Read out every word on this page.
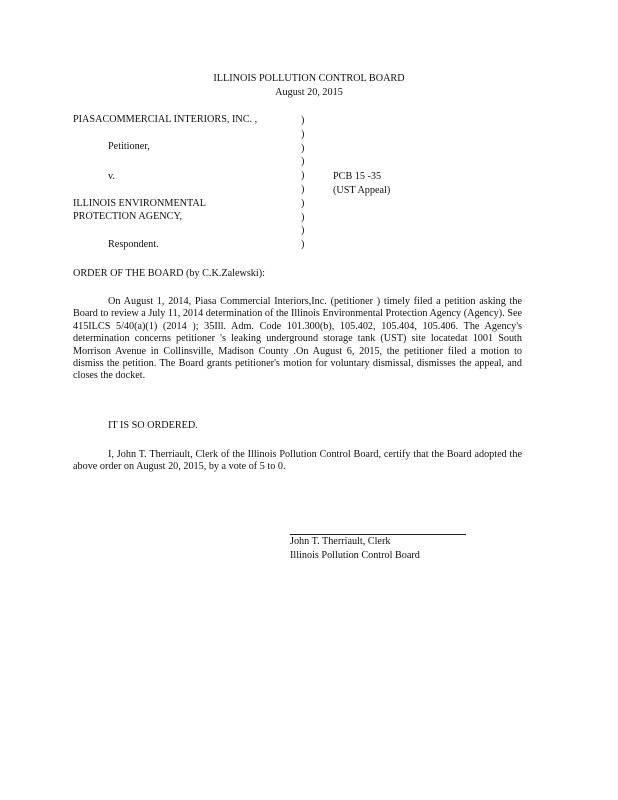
ILLINOIS POLLUTION CONTROL BOARD
August 20, 2015
PIASACOMMERCIAL INTERIORS, INC. ,
Petitioner,
v.
ILLINOIS ENVIRONMENTAL
PROTECTION AGENCY,
Respondent.
)
)
)
)
)
)
)
)
)
)
PCB 15 -35
(UST Appeal)
ORDER OF THE BOARD (by C.K.Zalewski):
On August 1, 2014, Piasa Commercial Interiors,Inc. (petitioner ) timely filed a petition asking the Board to review a July 11, 2014 determination of the Illinois Environmental Protection Agency (Agency). See 415ILCS 5/40(a)(1) (2014 ); 35Ill. Adm. Code 101.300(b), 105.402, 105.404, 105.406. The Agency's determination concerns petitioner 's leaking underground storage tank (UST) site locatedat 1001 South Morrison Avenue in Collinsville, Madison County .On August 6, 2015, the petitioner filed a motion to dismiss the petition. The Board grants petitioner's motion for voluntary dismissal, dismisses the appeal, and closes the docket.
IT IS SO ORDERED.
I, John T. Therriault, Clerk of the Illinois Pollution Control Board, certify that the Board adopted the above order on August 20, 2015, by a vote of 5 to 0.
John T. Therriault, Clerk
Illinois Pollution Control Board
